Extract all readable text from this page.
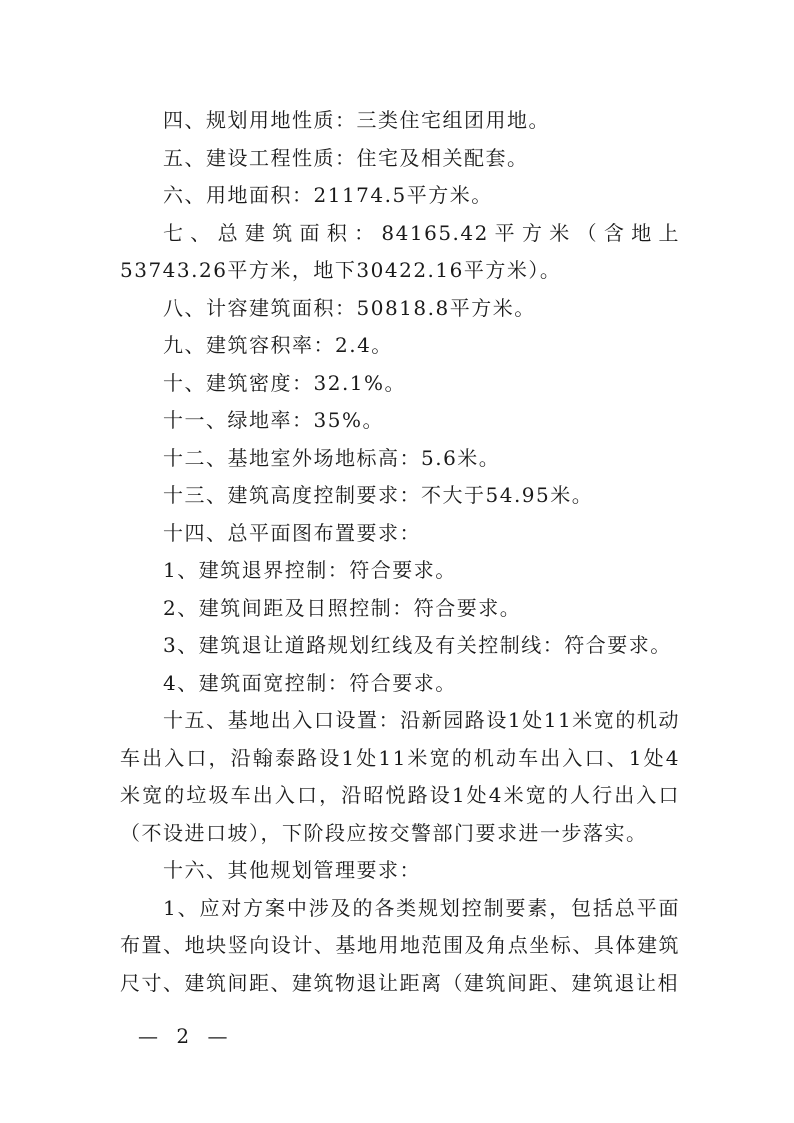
四、规划用地性质：三类住宅组团用地。

五、建设工程性质：住宅及相关配套。

六、用地面积：21174.5平方米。

七、总建筑面积：84165.42平方米（含地上53743.26平方米，地下30422.16平方米）。

八、计容建筑面积：50818.8平方米。

九、建筑容积率：2.4。

十、建筑密度：32.1%。

十一、绿地率：35%。

十二、基地室外场地标高：5.6米。

十三、建筑高度控制要求：不大于54.95米。

十四、总平面图布置要求：

1、建筑退界控制：符合要求。

2、建筑间距及日照控制：符合要求。

3、建筑退让道路规划红线及有关控制线：符合要求。

4、建筑面宽控制：符合要求。

十五、基地出入口设置：沿新园路设1处11米宽的机动车出入口，沿翰泰路设1处11米宽的机动车出入口、1处4米宽的垃圾车出入口，沿昭悦路设1处4米宽的人行出入口（不设进口坡），下阶段应按交警部门要求进一步落实。

十六、其他规划管理要求：

1、应对方案中涉及的各类规划控制要素，包括总平面布置、地块竖向设计、基地用地范围及角点坐标、具体建筑尺寸、建筑间距、建筑物退让距离（建筑间距、建筑退让相

— 2 —
